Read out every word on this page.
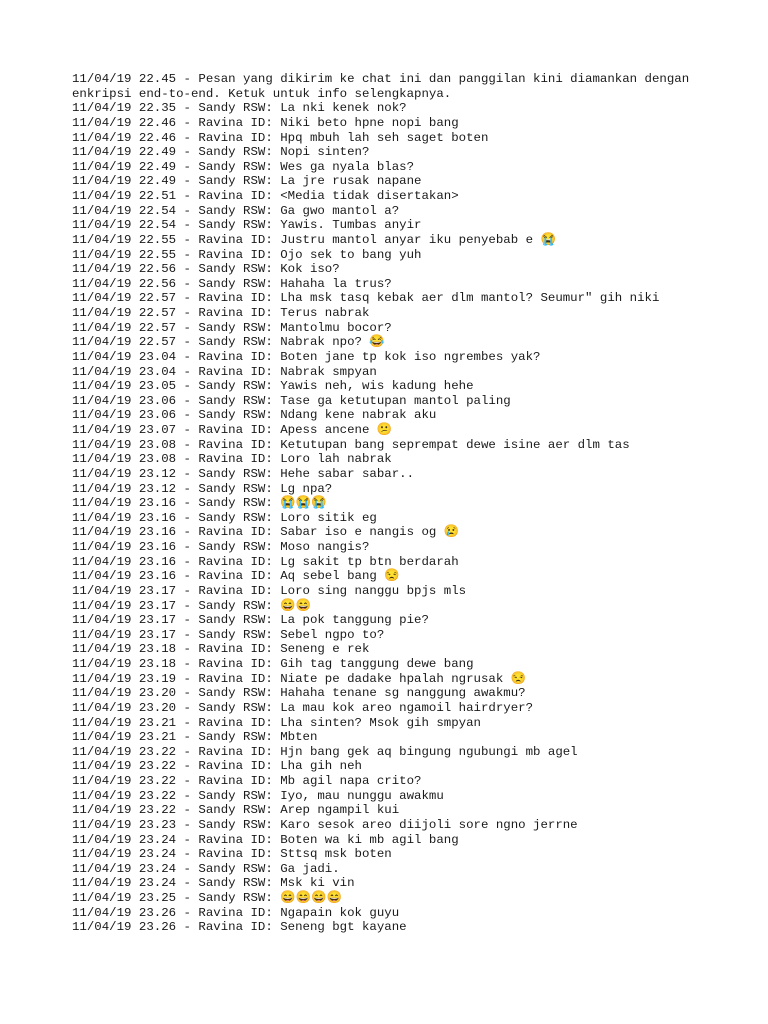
11/04/19 22.45 - Pesan yang dikirim ke chat ini dan panggilan kini diamankan dengan
enkripsi end-to-end. Ketuk untuk info selengkapnya.
11/04/19 22.35 - Sandy RSW: La nki kenek nok?
11/04/19 22.46 - Ravina ID: Niki beto hpne nopi bang
11/04/19 22.46 - Ravina ID: Hpq mbuh lah seh saget boten
11/04/19 22.49 - Sandy RSW: Nopi sinten?
11/04/19 22.49 - Sandy RSW: Wes ga nyala blas?
11/04/19 22.49 - Sandy RSW: La jre rusak napane
11/04/19 22.51 - Ravina ID: <Media tidak disertakan>
11/04/19 22.54 - Sandy RSW: Ga gwo mantol a?
11/04/19 22.54 - Sandy RSW: Yawis. Tumbas anyir
11/04/19 22.55 - Ravina ID: Justru mantol anyar iku penyebab e 😭
11/04/19 22.55 - Ravina ID: Ojo sek to bang yuh
11/04/19 22.56 - Sandy RSW: Kok iso?
11/04/19 22.56 - Sandy RSW: Hahaha la trus?
11/04/19 22.57 - Ravina ID: Lha msk tasq kebak aer dlm mantol? Seumur" gih niki
11/04/19 22.57 - Ravina ID: Terus nabrak
11/04/19 22.57 - Sandy RSW: Mantolmu bocor?
11/04/19 22.57 - Sandy RSW: Nabrak npo? 😂
11/04/19 23.04 - Ravina ID: Boten jane tp kok iso ngrembes yak?
11/04/19 23.04 - Ravina ID: Nabrak smpyan
11/04/19 23.05 - Sandy RSW: Yawis neh, wis kadung hehe
11/04/19 23.06 - Sandy RSW: Tase ga ketutupan mantol paling
11/04/19 23.06 - Sandy RSW: Ndang kene nabrak aku
11/04/19 23.07 - Ravina ID: Apess ancene 😕
11/04/19 23.08 - Ravina ID: Ketutupan bang seprempat dewe isine aer dlm tas
11/04/19 23.08 - Ravina ID: Loro lah nabrak
11/04/19 23.12 - Sandy RSW: Hehe sabar sabar..
11/04/19 23.12 - Sandy RSW: Lg npa?
11/04/19 23.16 - Sandy RSW: 😭😭😭
11/04/19 23.16 - Sandy RSW: Loro sitik eg
11/04/19 23.16 - Ravina ID: Sabar iso e nangis og 😢
11/04/19 23.16 - Sandy RSW: Moso nangis?
11/04/19 23.16 - Ravina ID: Lg sakit tp btn berdarah
11/04/19 23.16 - Ravina ID: Aq sebel bang 😒
11/04/19 23.17 - Ravina ID: Loro sing nanggu bpjs mls
11/04/19 23.17 - Sandy RSW: 😄😄
11/04/19 23.17 - Sandy RSW: La pok tanggung pie?
11/04/19 23.17 - Sandy RSW: Sebel ngpo to?
11/04/19 23.18 - Ravina ID: Seneng e rek
11/04/19 23.18 - Ravina ID: Gih tag tanggung dewe bang
11/04/19 23.19 - Ravina ID: Niate pe dadake hpalah ngrusak 😒
11/04/19 23.20 - Sandy RSW: Hahaha tenane sg nanggung awakmu?
11/04/19 23.20 - Sandy RSW: La mau kok areo ngamoil hairdryer?
11/04/19 23.21 - Ravina ID: Lha sinten? Msok gih smpyan
11/04/19 23.21 - Sandy RSW: Mbten
11/04/19 23.22 - Ravina ID: Hjn bang gek aq bingung ngubungi mb agel
11/04/19 23.22 - Ravina ID: Lha gih neh
11/04/19 23.22 - Ravina ID: Mb agil napa crito?
11/04/19 23.22 - Sandy RSW: Iyo, mau nunggu awakmu
11/04/19 23.22 - Sandy RSW: Arep ngampil kui
11/04/19 23.23 - Sandy RSW: Karo sesok areo diijoli sore ngno jerrne
11/04/19 23.24 - Ravina ID: Boten wa ki mb agil bang
11/04/19 23.24 - Ravina ID: Sttsq msk boten
11/04/19 23.24 - Sandy RSW: Ga jadi.
11/04/19 23.24 - Sandy RSW: Msk ki vin
11/04/19 23.25 - Sandy RSW: 😄😄😄😄
11/04/19 23.26 - Ravina ID: Ngapain kok guyu
11/04/19 23.26 - Ravina ID: Seneng bgt kayane
